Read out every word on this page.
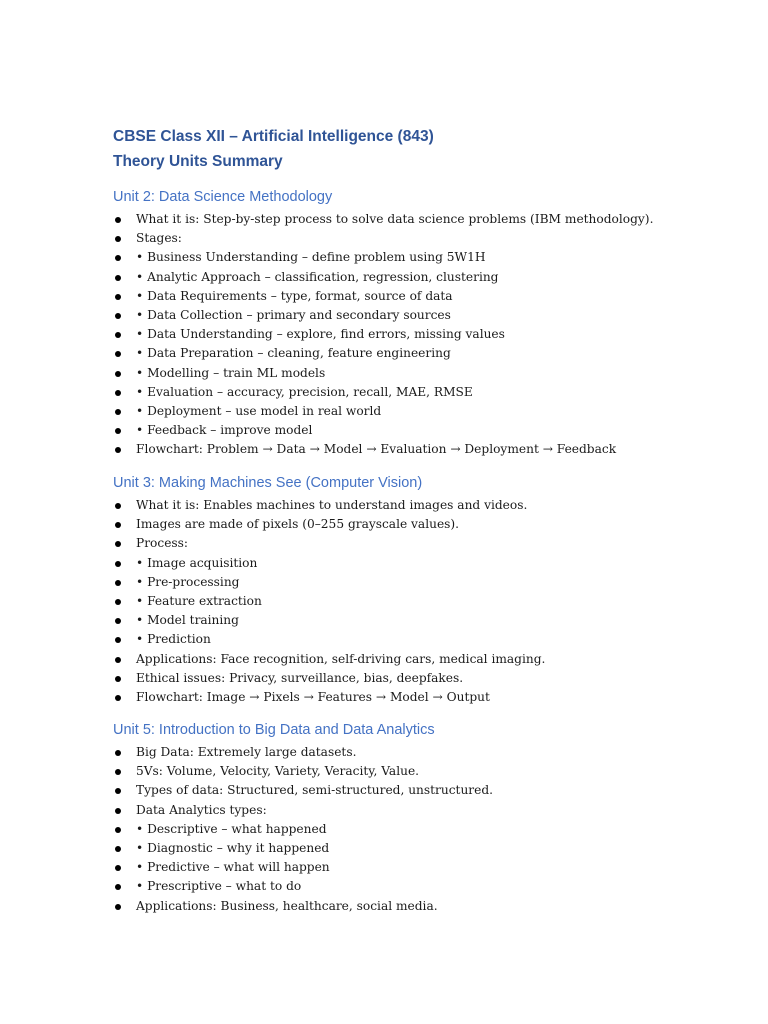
CBSE Class XII – Artificial Intelligence (843)

Theory Units Summary

Unit 2: Data Science Methodology
What it is: Step-by-step process to solve data science problems (IBM methodology).
Stages:
• Business Understanding – define problem using 5W1H
• Analytic Approach – classification, regression, clustering
• Data Requirements – type, format, source of data
• Data Collection – primary and secondary sources
• Data Understanding – explore, find errors, missing values
• Data Preparation – cleaning, feature engineering
• Modelling – train ML models
• Evaluation – accuracy, precision, recall, MAE, RMSE
• Deployment – use model in real world
• Feedback – improve model
Flowchart: Problem → Data → Model → Evaluation → Deployment → Feedback
Unit 3: Making Machines See (Computer Vision)
What it is: Enables machines to understand images and videos.
Images are made of pixels (0–255 grayscale values).
Process:
• Image acquisition
• Pre-processing
• Feature extraction
• Model training
• Prediction
Applications: Face recognition, self-driving cars, medical imaging.
Ethical issues: Privacy, surveillance, bias, deepfakes.
Flowchart: Image → Pixels → Features → Model → Output
Unit 5: Introduction to Big Data and Data Analytics
Big Data: Extremely large datasets.
5Vs: Volume, Velocity, Variety, Veracity, Value.
Types of data: Structured, semi-structured, unstructured.
Data Analytics types:
• Descriptive – what happened
• Diagnostic – why it happened
• Predictive – what will happen
• Prescriptive – what to do
Applications: Business, healthcare, social media.
